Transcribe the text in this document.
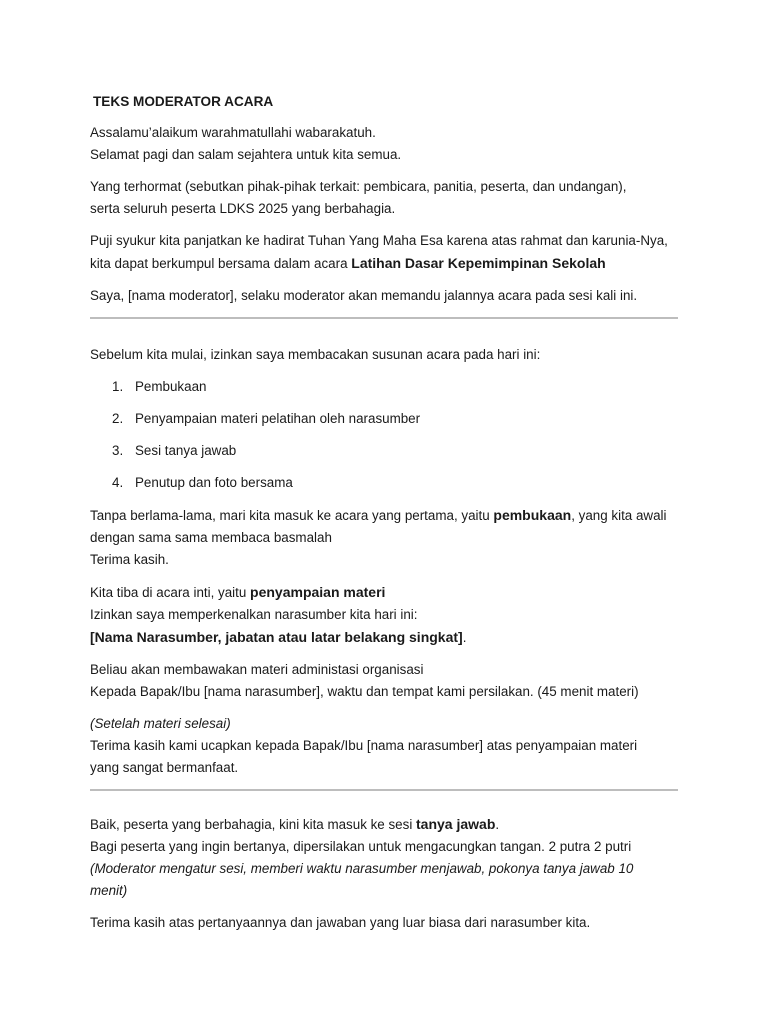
TEKS MODERATOR ACARA
Assalamu’alaikum warahmatullahi wabarakatuh.
Selamat pagi dan salam sejahtera untuk kita semua.
Yang terhormat (sebutkan pihak-pihak terkait: pembicara, panitia, peserta, dan undangan),
serta seluruh peserta LDKS 2025 yang berbahagia.
Puji syukur kita panjatkan ke hadirat Tuhan Yang Maha Esa karena atas rahmat dan karunia-Nya,
kita dapat berkumpul bersama dalam acara Latihan Dasar Kepemimpinan Sekolah
Saya, [nama moderator], selaku moderator akan memandu jalannya acara pada sesi kali ini.
Sebelum kita mulai, izinkan saya membacakan susunan acara pada hari ini:
1. Pembukaan
2. Penyampaian materi pelatihan oleh narasumber
3. Sesi tanya jawab
4. Penutup dan foto bersama
Tanpa berlama-lama, mari kita masuk ke acara yang pertama, yaitu pembukaan, yang kita awali
dengan sama sama membaca basmalah
Terima kasih.
Kita tiba di acara inti, yaitu penyampaian materi
Izinkan saya memperkenalkan narasumber kita hari ini:
[Nama Narasumber, jabatan atau latar belakang singkat].
Beliau akan membawakan materi administasi organisasi
Kepada Bapak/Ibu [nama narasumber], waktu dan tempat kami persilakan. (45 menit materi)
(Setelah materi selesai)
Terima kasih kami ucapkan kepada Bapak/Ibu [nama narasumber] atas penyampaian materi
yang sangat bermanfaat.
Baik, peserta yang berbahagia, kini kita masuk ke sesi tanya jawab.
Bagi peserta yang ingin bertanya, dipersilakan untuk mengacungkan tangan. 2 putra 2 putri
(Moderator mengatur sesi, memberi waktu narasumber menjawab, pokonya tanya jawab 10
menit)
Terima kasih atas pertanyaannya dan jawaban yang luar biasa dari narasumber kita.
